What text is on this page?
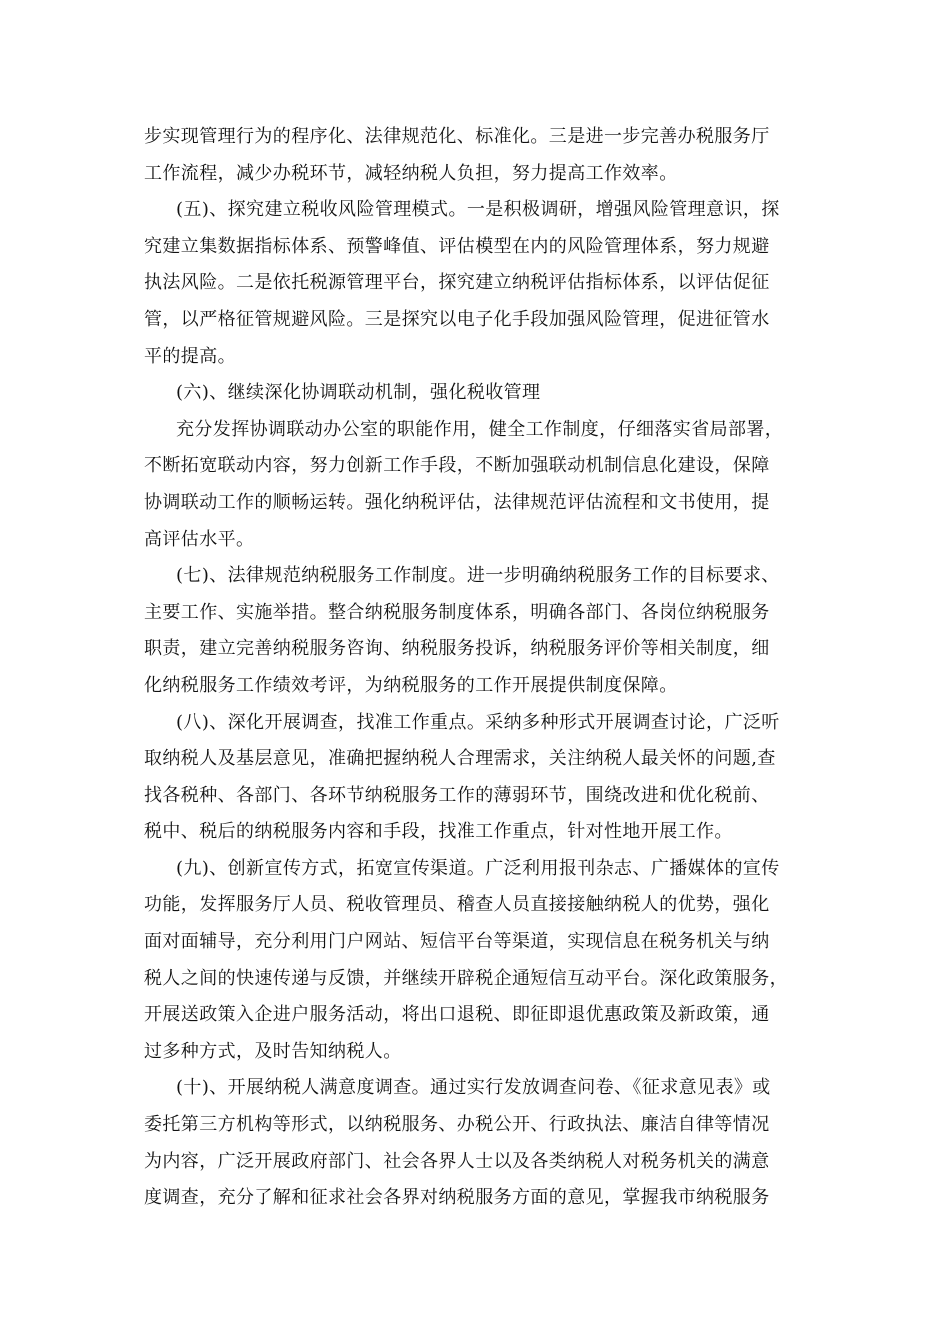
步实现管理行为的程序化、法律规范化、标准化。三是进一步完善办税服务厅
工作流程，减少办税环节，减轻纳税人负担，努力提高工作效率。
(五)、探究建立税收风险管理模式。一是积极调研，增强风险管理意识，探
究建立集数据指标体系、预警峰值、评估模型在内的风险管理体系，努力规避
执法风险。二是依托税源管理平台，探究建立纳税评估指标体系，以评估促征
管，以严格征管规避风险。三是探究以电子化手段加强风险管理，促进征管水
平的提高。
(六)、继续深化协调联动机制，强化税收管理
充分发挥协调联动办公室的职能作用，健全工作制度，仔细落实省局部署，
不断拓宽联动内容，努力创新工作手段，不断加强联动机制信息化建设，保障
协调联动工作的顺畅运转。强化纳税评估，法律规范评估流程和文书使用，提
高评估水平。
(七)、法律规范纳税服务工作制度。进一步明确纳税服务工作的目标要求、
主要工作、实施举措。整合纳税服务制度体系，明确各部门、各岗位纳税服务
职责，建立完善纳税服务咨询、纳税服务投诉，纳税服务评价等相关制度，细
化纳税服务工作绩效考评，为纳税服务的工作开展提供制度保障。
(八)、深化开展调查，找准工作重点。采纳多种形式开展调查讨论，广泛听
取纳税人及基层意见，准确把握纳税人合理需求，关注纳税人最关怀的问题,查
找各税种、各部门、各环节纳税服务工作的薄弱环节，围绕改进和优化税前、
税中、税后的纳税服务内容和手段，找准工作重点，针对性地开展工作。
(九)、创新宣传方式，拓宽宣传渠道。广泛利用报刊杂志、广播媒体的宣传
功能，发挥服务厅人员、税收管理员、稽查人员直接接触纳税人的优势，强化
面对面辅导，充分利用门户网站、短信平台等渠道，实现信息在税务机关与纳
税人之间的快速传递与反馈，并继续开辟税企通短信互动平台。深化政策服务，
开展送政策入企进户服务活动，将出口退税、即征即退优惠政策及新政策，通
过多种方式，及时告知纳税人。
(十)、开展纳税人满意度调查。通过实行发放调查问卷、《征求意见表》或
委托第三方机构等形式，以纳税服务、办税公开、行政执法、廉洁自律等情况
为内容，广泛开展政府部门、社会各界人士以及各类纳税人对税务机关的满意
度调查，充分了解和征求社会各界对纳税服务方面的意见，掌握我市纳税服务
